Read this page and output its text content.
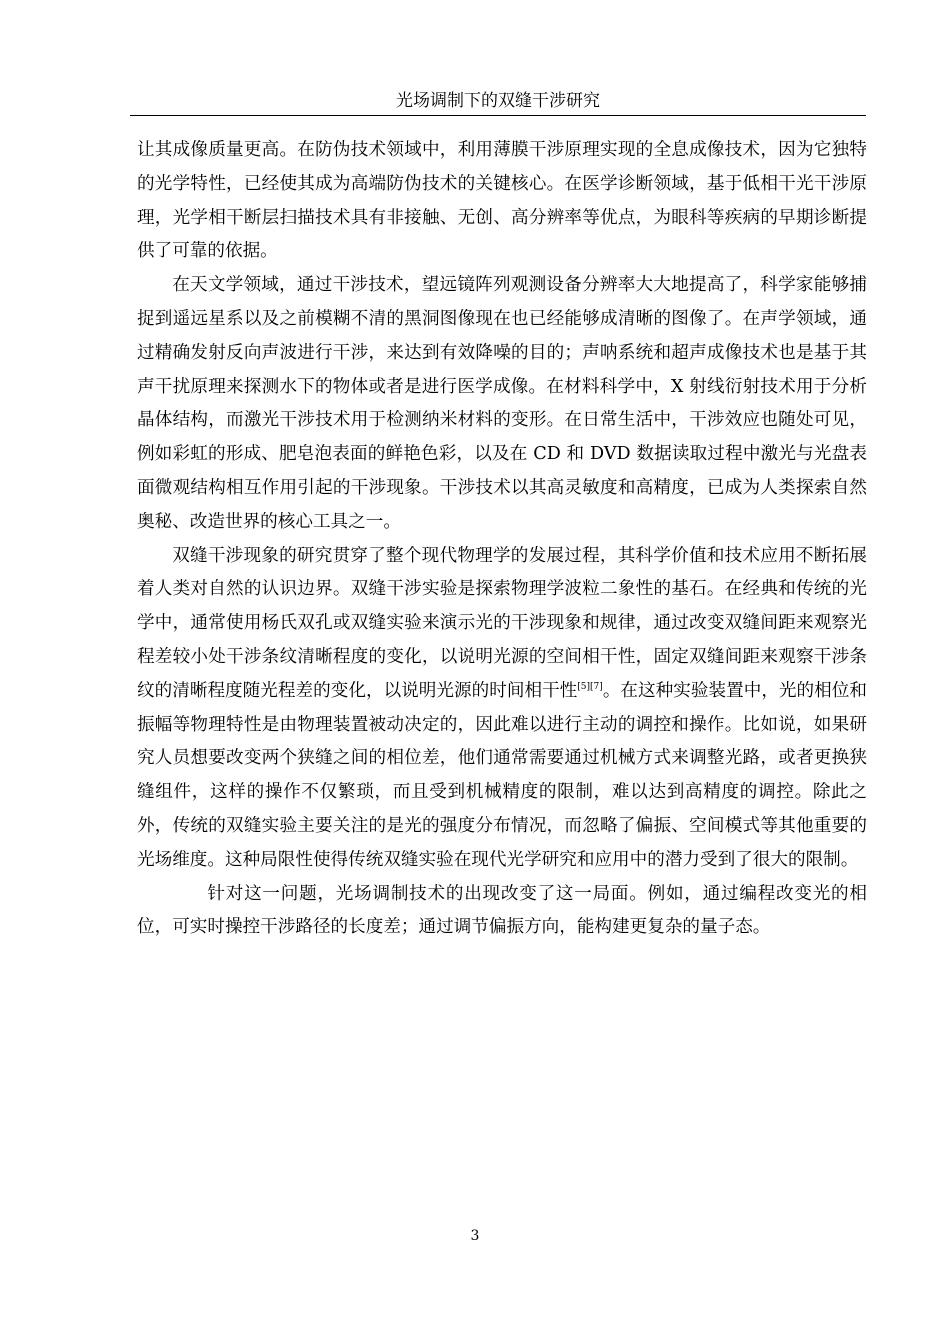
光场调制下的双缝干涉研究

让其成像质量更高。在防伪技术领域中，利用薄膜干涉原理实现的全息成像技术，因为它独特的光学特性，已经使其成为高端防伪技术的关键核心。在医学诊断领域，基于低相干光干涉原理，光学相干断层扫描技术具有非接触、无创、高分辨率等优点，为眼科等疾病的早期诊断提供了可靠的依据。

在天文学领域，通过干涉技术，望远镜阵列观测设备分辨率大大地提高了，科学家能够捕捉到遥远星系以及之前模糊不清的黑洞图像现在也已经能够成清晰的图像了。在声学领域，通过精确发射反向声波进行干涉，来达到有效降噪的目的；声呐系统和超声成像技术也是基于其声干扰原理来探测水下的物体或者是进行医学成像。在材料科学中，X 射线衍射技术用于分析晶体结构，而激光干涉技术用于检测纳米材料的变形。在日常生活中，干涉效应也随处可见，例如彩虹的形成、肥皂泡表面的鲜艳色彩，以及在 CD 和 DVD 数据读取过程中激光与光盘表面微观结构相互作用引起的干涉现象。干涉技术以其高灵敏度和高精度，已成为人类探索自然奥秘、改造世界的核心工具之一。

双缝干涉现象的研究贯穿了整个现代物理学的发展过程，其科学价值和技术应用不断拓展着人类对自然的认识边界。双缝干涉实验是探索物理学波粒二象性的基石。在经典和传统的光学中，通常使用杨氏双孔或双缝实验来演示光的干涉现象和规律，通过改变双缝间距来观察光程差较小处干涉条纹清晰程度的变化，以说明光源的空间相干性，固定双缝间距来观察干涉条纹的清晰程度随光程差的变化，以说明光源的时间相干性[5][7]。在这种实验装置中，光的相位和振幅等物理特性是由物理装置被动决定的，因此难以进行主动的调控和操作。比如说，如果研究人员想要改变两个狭缝之间的相位差，他们通常需要通过机械方式来调整光路，或者更换狭缝组件，这样的操作不仅繁琐，而且受到机械精度的限制，难以达到高精度的调控。除此之外，传统的双缝实验主要关注的是光的强度分布情况，而忽略了偏振、空间模式等其他重要的光场维度。这种局限性使得传统双缝实验在现代光学研究和应用中的潜力受到了很大的限制。

针对这一问题，光场调制技术的出现改变了这一局面。例如，通过编程改变光的相位，可实时操控干涉路径的长度差；通过调节偏振方向，能构建更复杂的量子态。

3
